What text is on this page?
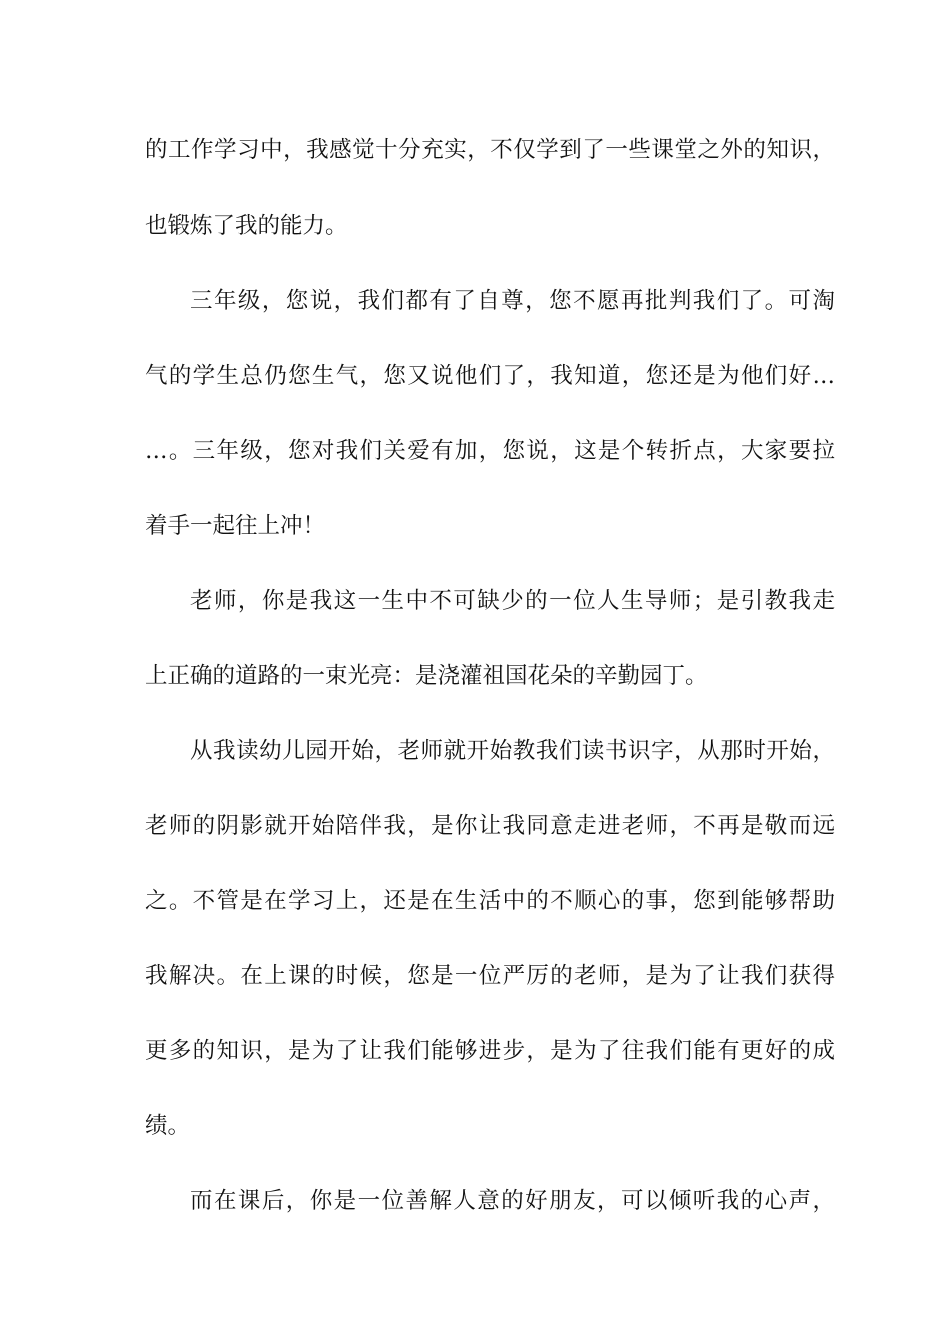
的工作学习中，我感觉十分充实，不仅学到了一些课堂之外的知识，
也锻炼了我的能力。
三年级，您说，我们都有了自尊，您不愿再批判我们了。可淘
气的学生总仍您生气，您又说他们了，我知道，您还是为他们好…
…。三年级，您对我们关爱有加，您说，这是个转折点，大家要拉
着手一起往上冲！
老师，你是我这一生中不可缺少的一位人生导师；是引教我走
上正确的道路的一束光亮：是浇灌祖国花朵的辛勤园丁。
从我读幼儿园开始，老师就开始教我们读书识字，从那时开始，
老师的阴影就开始陪伴我，是你让我同意走进老师，不再是敬而远
之。不管是在学习上，还是在生活中的不顺心的事，您到能够帮助
我解决。在上课的时候，您是一位严厉的老师，是为了让我们获得
更多的知识，是为了让我们能够进步，是为了往我们能有更好的成
绩。
而在课后，你是一位善解人意的好朋友，可以倾听我的心声，
